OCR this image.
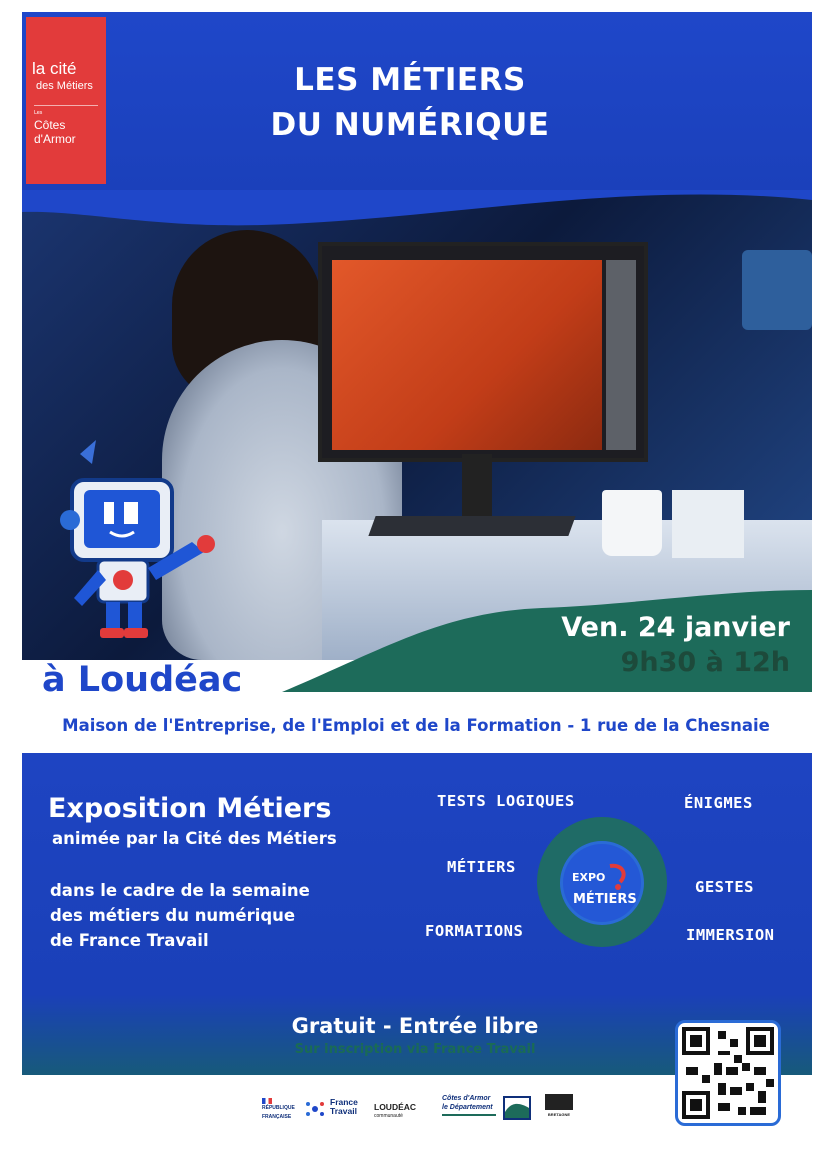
la cité
des Métiers
Les
Côtes
d'Armor
LES MÉTIERS
DU NUMÉRIQUE
Ven. 24 janvier
9h30 à 12h
à Loudéac
Maison de l'Entreprise, de l'Emploi et de la Formation - 1 rue de la Chesnaie
Exposition Métiers
animée par la Cité des Métiers
dans le cadre de la semaine
des métiers du numérique
de France Travail
TESTS LOGIQUES	ÉNIGMES
MÉTIERS
GESTES
FORMATIONS	IMMERSION
EXPO
MÉTIERS
Gratuit - Entrée libre
Sur inscription via France Travail
RÉPUBLIQUE FRANÇAISE
France
Travail LOUDÉAC
communauté
Côtes d'Armor
le Département
BRETAGNE
